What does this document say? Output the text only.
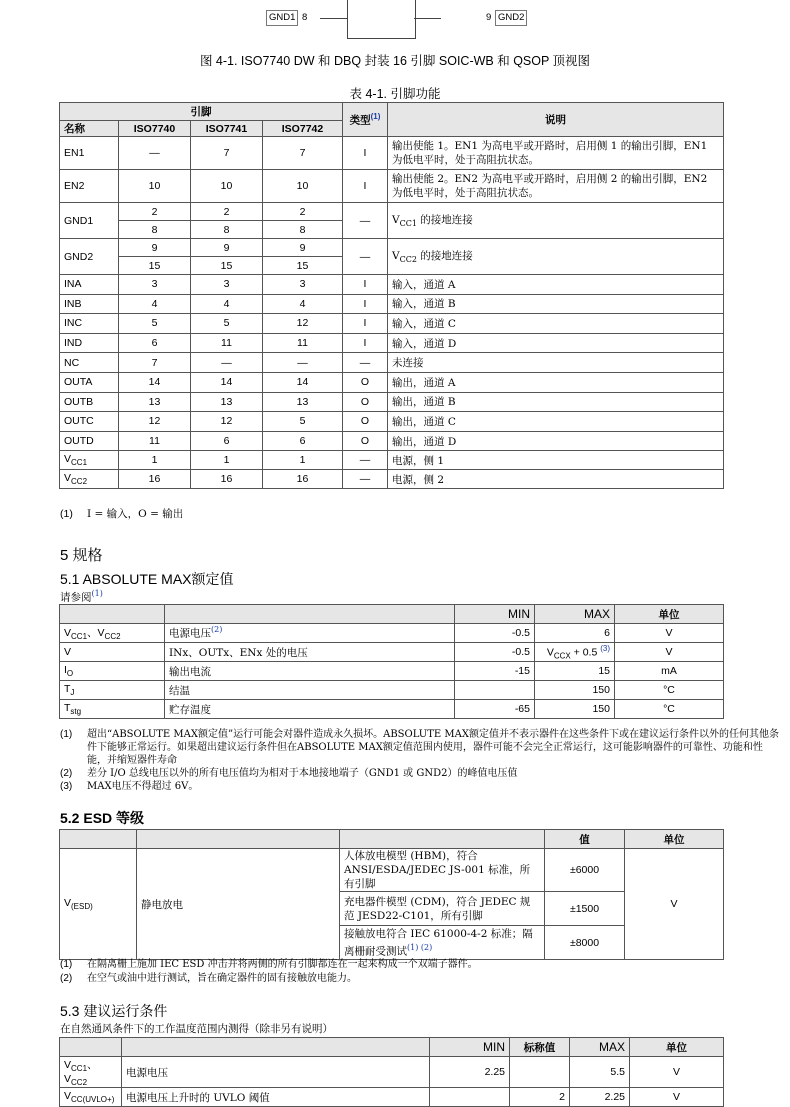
GND1 8	9 GND2
图 4-1. ISO7740 DW 和 DBQ 封装 16 引脚 SOIC-WB 和 QSOP 顶视图
表 4-1. 引脚功能
引脚				类型$^{(1)}$	说明
名称	ISO7740	ISO7741	ISO7742		
EN1	—	7	7	I	输出使能 1。EN1 为高电平或开路时，启用侧 1 的输出引脚，EN1 为低电平时，处于高阻抗状态。
EN2	10	10	10	I	输出使能 2。EN2 为高电平或开路时，启用侧 2 的输出引脚，EN2 为低电平时，处于高阻抗状态。
GND1	2	2	2	—	$V_{CC1}$ 的接地连接
	8	8	8		
GND2	9	9	9	—	$V_{CC2}$ 的接地连接
	15	15	15		
INA	3	3	3	I	输入，通道 A
INB	4	4	4	I	输入，通道 B
INC	5	5	12	I	输入，通道 C
IND	6	11	11	I	输入，通道 D
NC	7	—	—	—	未连接
OUTA	14	14	14	O	输出，通道 A
OUTB	13	13	13	O	输出，通道 B
OUTC	12	12	5	O	输出，通道 C
OUTD	11	6	6	O	输出，通道 D
$V_{CC1}$	1	1	1	—	电源，侧 1
$V_{CC2}$	16	16	16	—	电源，侧 2
(1) I = 输入，O = 输出
5 规格
5.1 ABSOLUTE MAX额定值
请参阅$^{(1)}$
		MIN	MAX	单位
$V_{CC1}$、$V_{CC2}$	电源电压$^{(2)}$	-0.5	6	V
V	INx、OUTx、ENx 处的电压	-0.5	$V_{CCX} + 0.5$ $^{(3)}$	V
$I_O$	输出电流	-15	15	mA
$T_J$	结温		150	°C
$T_{stg}$	贮存温度	-65	150	°C
(1)	超出“ABSOLUTE MAX额定值”运行可能会对器件造成永久损坏。ABSOLUTE MAX额定值并不表示器件在这些条件下或在建议运行条件以外的任何其他条件下能够正常运行。如果超出建议运行条件但在ABSOLUTE MAX额定值范围内使用，器件可能不会完全正常运行，这可能影响器件的可靠性、功能和性能，并缩短器件寿命
(2)	差分 I/O 总线电压以外的所有电压值均为相对于本地接地端子（GND1 或 GND2）的峰值电压值
(3)	MAX电压不得超过 6V。
5.2 ESD 等级
			值	单位
$V_{(ESD)}$	静电放电	人体放电模型 (HBM)，符合 ANSI/ESDA/JEDEC JS-001 标准，所有引脚	±6000	V
		充电器件模型 (CDM)，符合 JEDEC 规范 JESD22-C101，所有引脚	±1500	
		接触放电符合 IEC 61000-4-2 标准；隔离栅耐受测试$^{(1) (2)}$	±8000	
(1)	在隔离栅上施加 IEC ESD 冲击并将两侧的所有引脚都连在一起来构成一个双端子器件。
(2)	在空气或油中进行测试，旨在确定器件的固有接触放电能力。
5.3 建议运行条件
在自然通风条件下的工作温度范围内测得（除非另有说明）
		MIN	标称值	MAX	单位
$V_{CC1}$、$V_{CC2}$	电源电压	2.25		5.5	V
$V_{CC(UVLO+)}$	电源电压上升时的 UVLO 阈值		2	2.25	V
